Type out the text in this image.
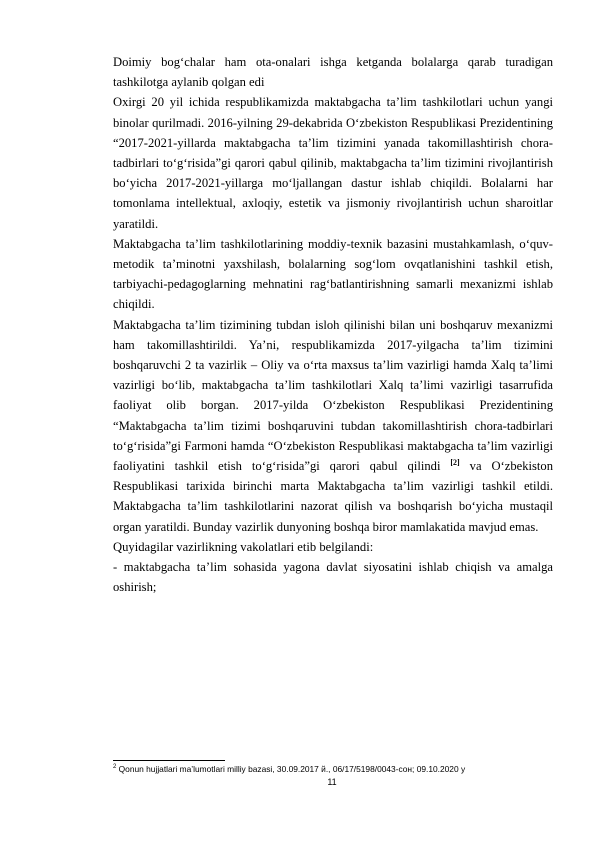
Doimiy bog‘chalar ham ota-onalari ishga ketganda bolalarga qarab turadigan tashkilotga aylanib qolgan edi

Oxirgi 20 yil ichida respublikamizda maktabgacha ta’lim tashkilotlari uchun yangi binolar qurilmadi. 2016-yilning 29-dekabrida O‘zbekiston Respublikasi Prezidentining “2017-2021-yillarda maktabgacha ta’lim tizimini yanada takomillashtirish chora-tadbirlari to‘g‘risida”gi qarori qabul qilinib, maktabgacha ta’lim tizimini rivojlantirish bo‘yicha 2017-2021-yillarga mo‘ljallangan dastur ishlab chiqildi. Bolalarni har tomonlama intellektual, axloqiy, estetik va jismoniy rivojlantirish uchun sharoitlar yaratildi.

Maktabgacha ta’lim tashkilotlarining moddiy-texnik bazasini mustahkamlash, o‘quv-metodik ta’minotni yaxshilash, bolalarning sog‘lom ovqatlanishini tashkil etish, tarbiyachi-pedagoglarning mehnatini rag‘batlantirishning samarli mexanizmi ishlab chiqildi.

Maktabgacha ta’lim tizimining tubdan isloh qilinishi bilan uni boshqaruv mexanizmi ham takomillashtirildi. Ya’ni, respublikamizda 2017-yilgacha ta’lim tizimini boshqaruvchi 2 ta vazirlik – Oliy va o‘rta maxsus ta’lim vazirligi hamda Xalq ta’limi vazirligi bo‘lib, maktabgacha ta’lim tashkilotlari Xalq ta’limi vazirligi tasarrufida faoliyat olib borgan. 2017-yilda O‘zbekiston Respublikasi Prezidentining “Maktabgacha ta’lim tizimi boshqaruvini tubdan takomillashtirish chora-tadbirlari to‘g‘risida”gi Farmoni hamda “O‘zbekiston Respublikasi maktabgacha ta’lim vazirligi faoliyatini tashkil etish to‘g‘risida”gi qarori qabul qilindi [2] va O‘zbekiston Respublikasi tarixida birinchi marta Maktabgacha ta’lim vazirligi tashkil etildi. Maktabgacha ta’lim tashkilotlarini nazorat qilish va boshqarish bo‘yicha mustaqil organ yaratildi. Bunday vazirlik dunyoning boshqa biror mamlakatida mavjud emas.

Quyidagilar vazirlikning vakolatlari etib belgilandi:

- maktabgacha ta’lim sohasida yagona davlat siyosatini ishlab chiqish va amalga oshirish;

$^2$ Qonun hujjatlari ma’lumotlari milliy bazasi, 30.09.2017 й., 06/17/5198/0043-сон; 09.10.2020 у
11
